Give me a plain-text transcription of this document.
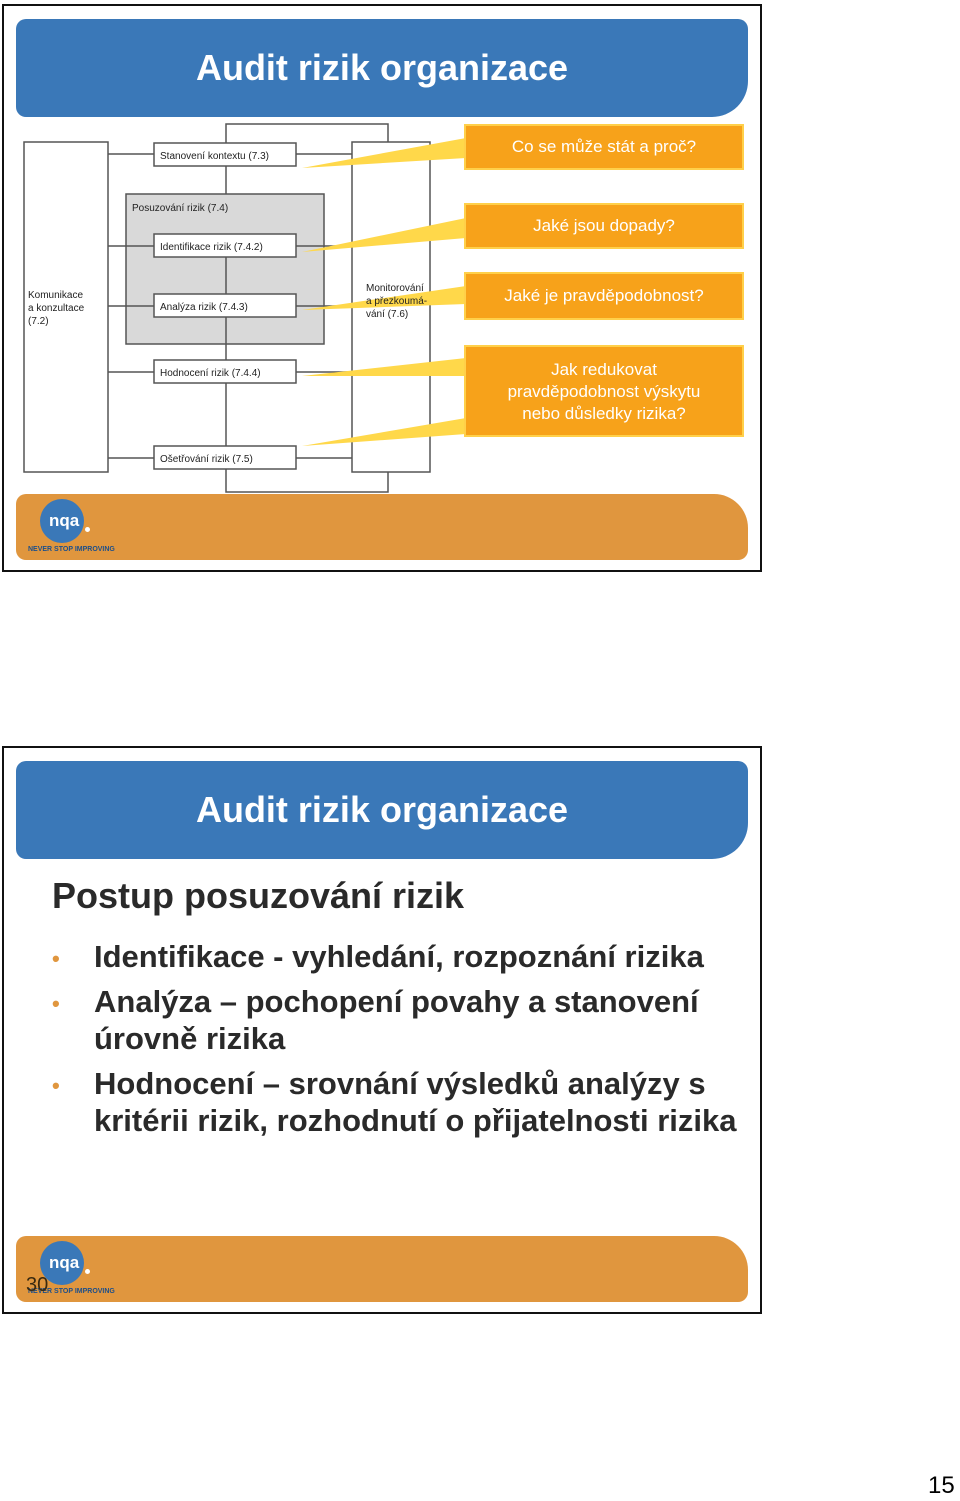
Audit rizik organizace
Stanovení kontextu (7.3)
Posuzování rizik (7.4)
Identifikace rizik (7.4.2)
Analýza rizik (7.4.3)
Hodnocení rizik (7.4.4)
Ošetřování rizik (7.5)
Komunikace
a konzultace
(7.2)
Monitorování
a přezkoumá-
vání (7.6)
Co se může stát a proč?
Jaké jsou dopady?
Jaké je pravděpodobnost?
Jak redukovat pravděpodobnost výskytu nebo důsledky rizika?
nqa
NEVER STOP IMPROVING
Audit rizik organizace
Postup posuzování rizik
• Identifikace - vyhledání, rozpoznání rizika
• Analýza – pochopení povahy a stanovení úrovně rizika
• Hodnocení – srovnání výsledků analýzy s kritérii rizik, rozhodnutí o přijatelnosti rizika
nqa
NEVER STOP IMPROVING
30
15
